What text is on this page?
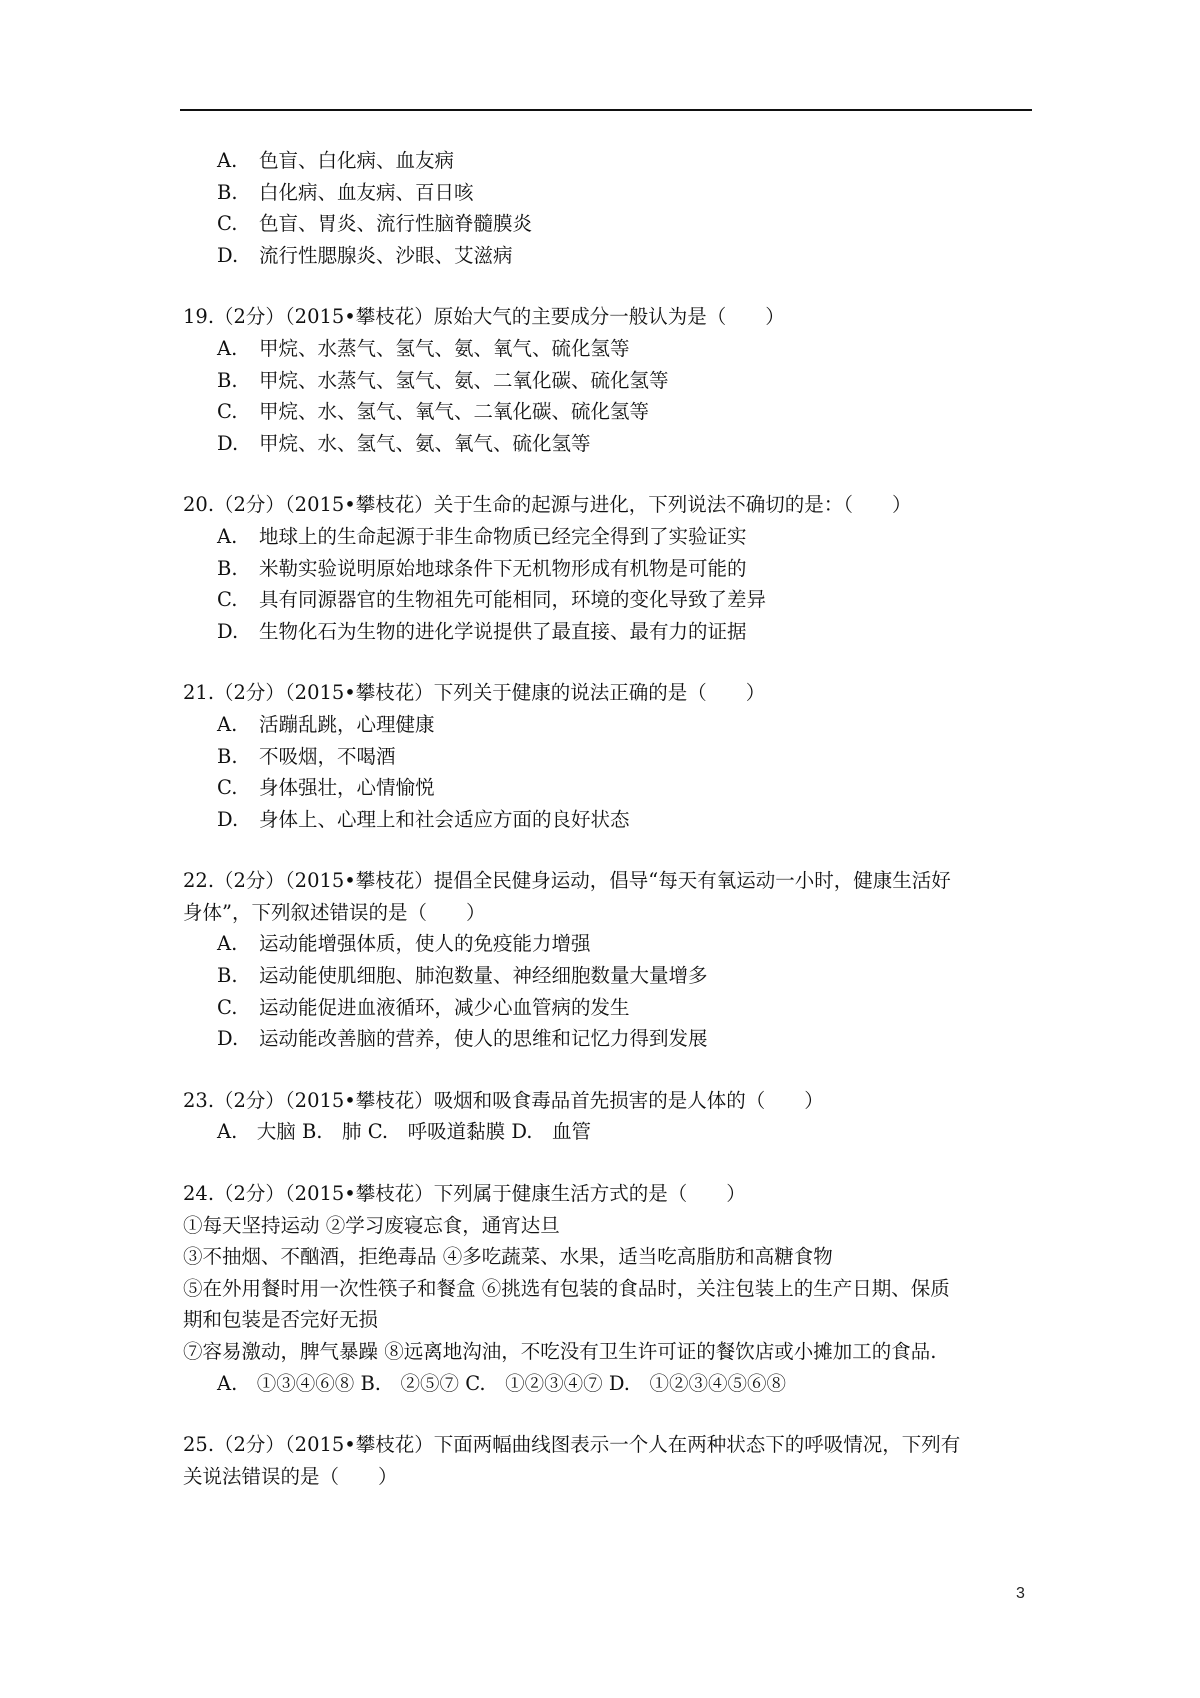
A. 色盲、白化病、血友病
B. 白化病、血友病、百日咳
C. 色盲、胃炎、流行性脑脊髓膜炎
D. 流行性腮腺炎、沙眼、艾滋病
19.（2分）（2015•攀枝花）原始大气的主要成分一般认为是（　　）
A. 甲烷、水蒸气、氢气、氨、氧气、硫化氢等
B. 甲烷、水蒸气、氢气、氨、二氧化碳、硫化氢等
C. 甲烷、水、氢气、氧气、二氧化碳、硫化氢等
D. 甲烷、水、氢气、氨、氧气、硫化氢等
20.（2分）（2015•攀枝花）关于生命的起源与进化，下列说法不确切的是：（　　）
A. 地球上的生命起源于非生命物质已经完全得到了实验证实
B. 米勒实验说明原始地球条件下无机物形成有机物是可能的
C. 具有同源器官的生物祖先可能相同，环境的变化导致了差异
D. 生物化石为生物的进化学说提供了最直接、最有力的证据
21.（2分）（2015•攀枝花）下列关于健康的说法正确的是（　　）
A. 活蹦乱跳，心理健康
B. 不吸烟，不喝酒
C. 身体强壮，心情愉悦
D. 身体上、心理上和社会适应方面的良好状态
22.（2分）（2015•攀枝花）提倡全民健身运动，倡导“每天有氧运动一小时，健康生活好
身体”，下列叙述错误的是（　　）
A. 运动能增强体质，使人的免疫能力增强
B. 运动能使肌细胞、肺泡数量、神经细胞数量大量增多
C. 运动能促进血液循环，减少心血管病的发生
D. 运动能改善脑的营养，使人的思维和记忆力得到发展
23.（2分）（2015•攀枝花）吸烟和吸食毒品首先损害的是人体的（　　）
A.　大脑 B.　肺 C.　呼吸道黏膜 D.　血管
24.（2分）（2015•攀枝花）下列属于健康生活方式的是（　　）
①每天坚持运动 ②学习废寝忘食，通宵达旦
③不抽烟、不酗酒，拒绝毒品 ④多吃蔬菜、水果，适当吃高脂肪和高糖食物
⑤在外用餐时用一次性筷子和餐盒 ⑥挑选有包装的食品时，关注包装上的生产日期、保质
期和包装是否完好无损
⑦容易激动，脾气暴躁 ⑧远离地沟油，不吃没有卫生许可证的餐饮店或小摊加工的食品.
A.　①③④⑥⑧ B.　②⑤⑦ C.　①②③④⑦ D.　①②③④⑤⑥⑧
25.（2分）（2015•攀枝花）下面两幅曲线图表示一个人在两种状态下的呼吸情况，下列有
关说法错误的是（　　）
3
